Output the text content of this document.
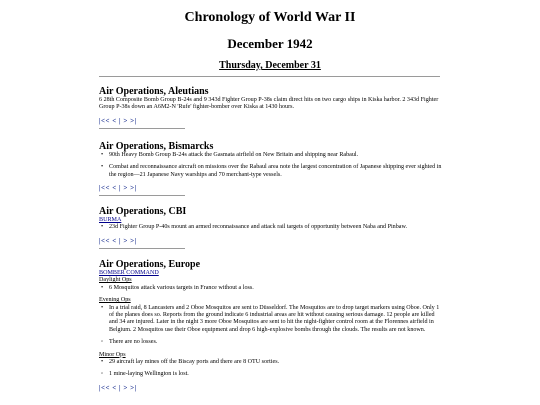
Chronology of World War II
December 1942
Thursday, December 31
Air Operations, Aleutians

6 28th Composite Bomb Group B-24s and 9 343d Fighter Group P-38s claim direct hits on two cargo ships in Kiska harbor. 2 343d Fighter Group P-38s down an A6M2-N 'Rufe' fighter-bomber over Kiska at 1430 hours.

|<< < | > >|
Air Operations, Bismarcks
• 90th Heavy Bomb Group B-24s attack the Gasmata airfield on New Britain and shipping near Rabaul.
• Combat and reconnaissance aircraft on missions over the Rabaul area note the largest concentration of Japanese shipping ever sighted in the region—21 Japanese Navy warships and 70 merchant-type vessels.
|<< < | > >|
Air Operations, CBI

BURMA

• 23d Fighter Group P-40s mount an armed reconnaissance and attack rail targets of opportunity between Naba and Pinbaw.
|<< < | > >|
Air Operations, Europe

BOMBER COMMAND

Daylight Ops

• 6 Mosquitos attack various targets in France without a loss.

Evening Ops

• In a trial raid, 8 Lancasters and 2 Oboe Mosquitos are sent to Düsseldorf. The Mosquitos are to drop target markers using Oboe. Only 1 of the planes does so. Reports from the ground indicate 6 industrial areas are hit without causing serious damage. 12 people are killed and 34 are injured. Later in the night 3 more Oboe Mosquitos are sent to hit the night-fighter control room at the Florennes airfield in Belgium. 2 Mosquitos use their Oboe equipment and drop 6 high-explosive bombs through the clouds. The results are not known.
◦ There are no losses.

Minor Ops

• 29 aircraft lay mines off the Biscay ports and there are 8 OTU sorties.
◦ 1 mine-laying Wellington is lost.
|<< < | > >|
